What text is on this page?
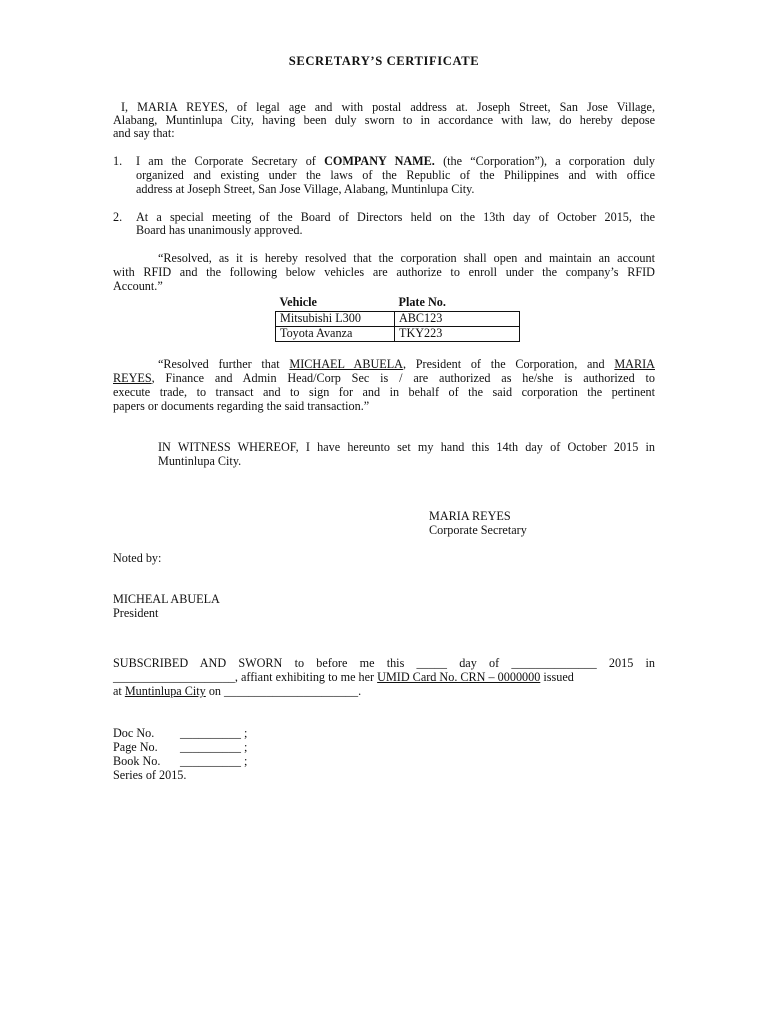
SECRETARY’S CERTIFICATE
I, MARIA REYES, of legal age and with postal address at. Joseph Street, San Jose Village,
Alabang, Muntinlupa City, having been duly sworn to in accordance with law, do hereby depose
and say that:
1.	I am the Corporate Secretary of COMPANY NAME. (the “Corporation”), a corporation duly
organized and existing under the laws of the Republic of the Philippines and with office
address at Joseph Street, San Jose Village, Alabang, Muntinlupa City.
2.	At a special meeting of the Board of Directors held on the 13th day of October 2015, the
Board has unanimously approved.
“Resolved, as it is hereby resolved that the corporation shall open and maintain an account
with RFID and the following below vehicles are authorize to enroll under the company’s RFID
Account.”
Vehicle	Plate No.
Mitsubishi L300	ABC123
Toyota Avanza	TKY223
“Resolved further that MICHAEL ABUELA, President of the Corporation, and MARIA
REYES, Finance and Admin Head/Corp Sec is / are authorized as he/she is authorized to
execute trade, to transact and to sign for and in behalf of the said corporation the pertinent
papers or documents regarding the said transaction.”
IN WITNESS WHEREOF, I have hereunto set my hand this 14th day of October 2015 in
Muntinlupa City.
MARIA REYES
Corporate Secretary
Noted by:
MICHEAL ABUELA
President
SUBSCRIBED AND SWORN to before me this _____ day of ______________ 2015 in
____________________, affiant exhibiting to me her UMID Card No. CRN – 0000000 issued
at Muntinlupa City on ______________________.
Doc No. __________ ;
Page No. __________ ;
Book No. __________ ;
Series of 2015.
